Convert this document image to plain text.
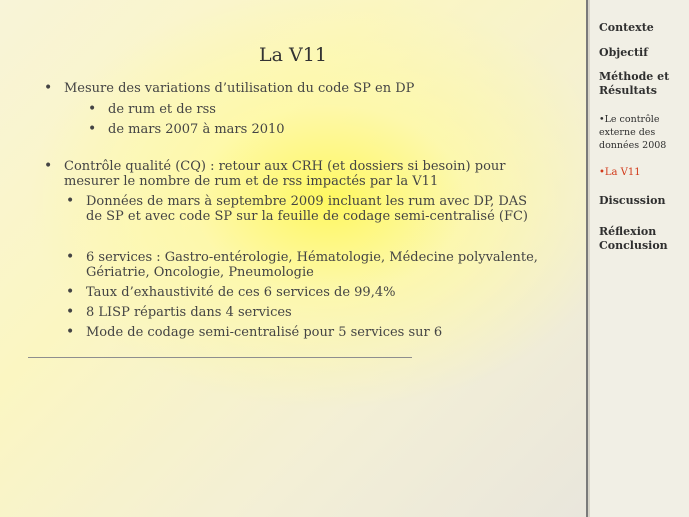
La V11
• Mesure des variations d’utilisation du code SP en DP
• de rum et de rss
• de mars 2007 à mars 2010
• Contrôle qualité (CQ) : retour aux CRH (et dossiers si besoin) pour mesurer le nombre de rum et de rss impactés par la V11
• Données de mars à septembre 2009 incluant les rum avec DP, DAS de SP et avec code SP sur la feuille de codage semi-centralisé (FC)
• 6 services : Gastro-entérologie, Hématologie, Médecine polyvalente, Gériatrie, Oncologie, Pneumologie
• Taux d’exhaustivité de ces 6 services de 99,4%
• 8 LISP répartis dans 4 services
• Mode de codage semi-centralisé pour 5 services sur 6
Contexte
Objectif
Méthode et Résultats
•Le contrôle externe des données 2008
•La V11
Discussion
Réflexion Conclusion
